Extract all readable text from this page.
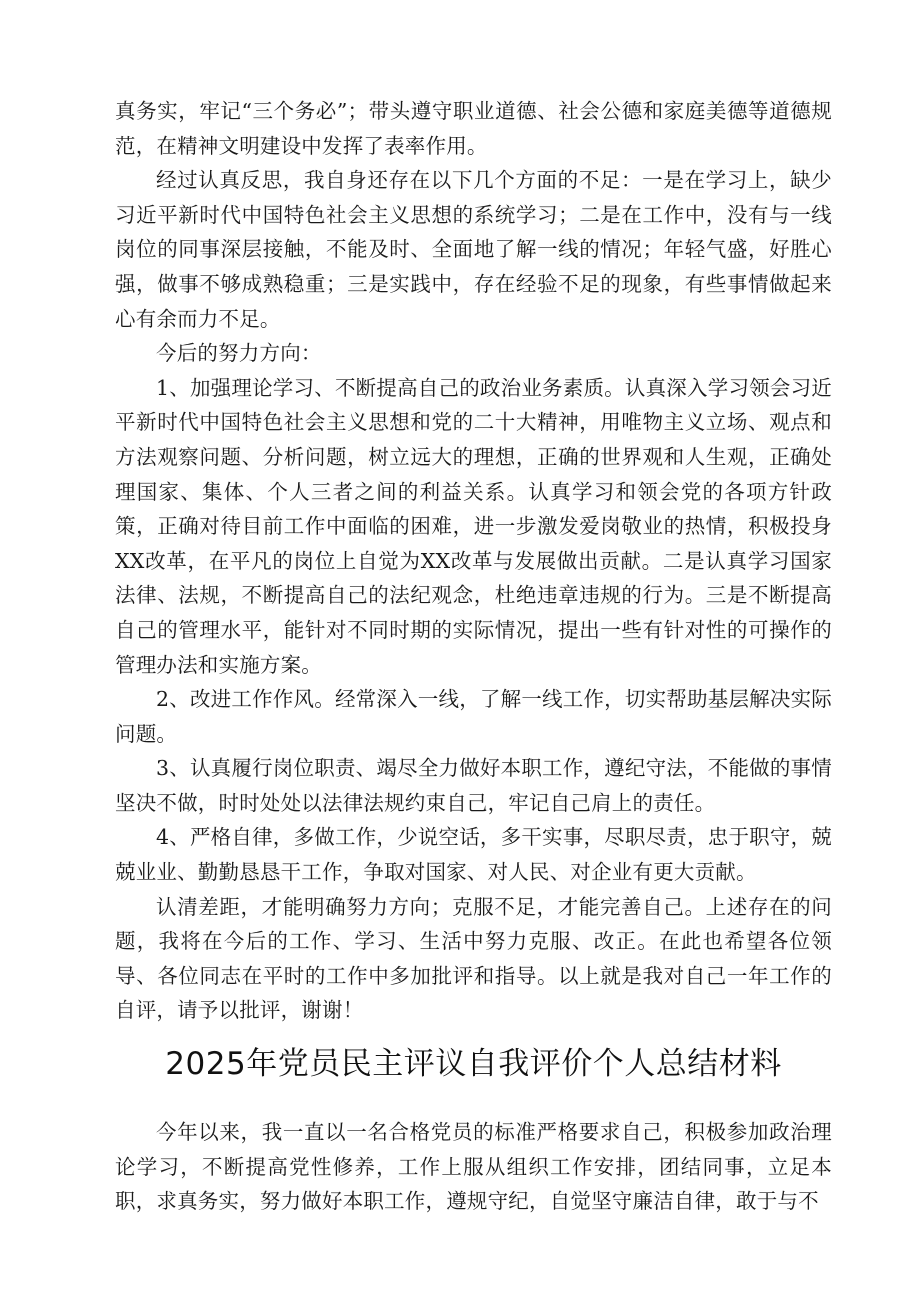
真务实，牢记“三个务必”；带头遵守职业道德、社会公德和家庭美德等道德规范，在精神文明建设中发挥了表率作用。

经过认真反思，我自身还存在以下几个方面的不足：一是在学习上，缺少习近平新时代中国特色社会主义思想的系统学习；二是在工作中，没有与一线岗位的同事深层接触，不能及时、全面地了解一线的情况；年轻气盛，好胜心强，做事不够成熟稳重；三是实践中，存在经验不足的现象，有些事情做起来心有余而力不足。

今后的努力方向：

1、加强理论学习、不断提高自己的政治业务素质。认真深入学习领会习近平新时代中国特色社会主义思想和党的二十大精神，用唯物主义立场、观点和方法观察问题、分析问题，树立远大的理想，正确的世界观和人生观，正确处理国家、集体、个人三者之间的利益关系。认真学习和领会党的各项方针政策，正确对待目前工作中面临的困难，进一步激发爱岗敬业的热情，积极投身XX改革，在平凡的岗位上自觉为XX改革与发展做出贡献。二是认真学习国家法律、法规，不断提高自己的法纪观念，杜绝违章违规的行为。三是不断提高自己的管理水平，能针对不同时期的实际情况，提出一些有针对性的可操作的管理办法和实施方案。

2、改进工作作风。经常深入一线，了解一线工作，切实帮助基层解决实际问题。

3、认真履行岗位职责、竭尽全力做好本职工作，遵纪守法，不能做的事情坚决不做，时时处处以法律法规约束自己，牢记自己肩上的责任。

4、严格自律，多做工作，少说空话，多干实事，尽职尽责，忠于职守，兢兢业业、勤勤恳恳干工作，争取对国家、对人民、对企业有更大贡献。

认清差距，才能明确努力方向；克服不足，才能完善自己。上述存在的问题，我将在今后的工作、学习、生活中努力克服、改正。在此也希望各位领导、各位同志在平时的工作中多加批评和指导。以上就是我对自己一年工作的自评，请予以批评，谢谢！

2025年党员民主评议自我评价个人总结材料

今年以来，我一直以一名合格党员的标准严格要求自己，积极参加政治理论学习，不断提高党性修养，工作上服从组织工作安排，团结同事，立足本职，求真务实，努力做好本职工作，遵规守纪，自觉坚守廉洁自律，敢于与不
